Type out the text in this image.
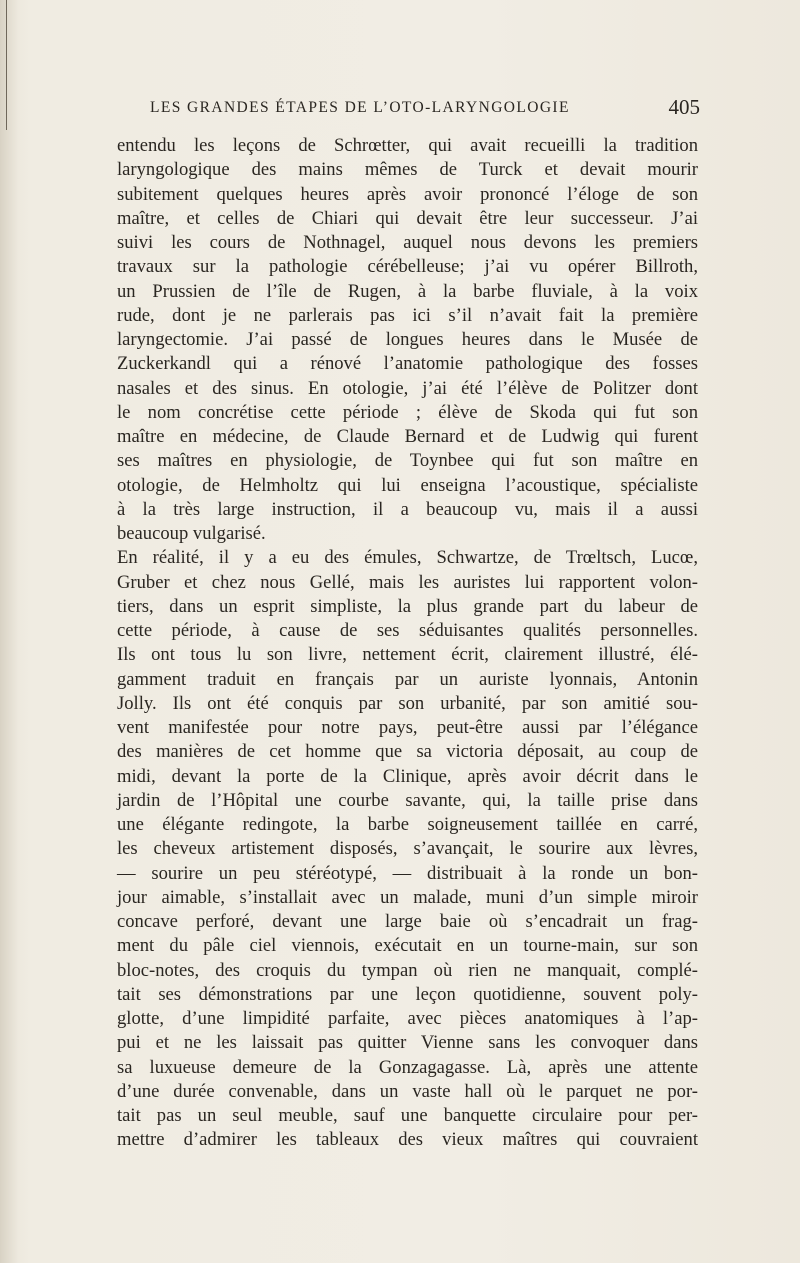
LES GRANDES ÉTAPES DE L’OTO-LARYNGOLOGIE	405
entendu les leçons de Schrœtter, qui avait recueilli la tradition
laryngologique des mains mêmes de Turck et devait mourir
subitement quelques heures après avoir prononcé l’éloge de son
maître, et celles de Chiari qui devait être leur successeur. J’ai
suivi les cours de Nothnagel, auquel nous devons les premiers
travaux sur la pathologie cérébelleuse; j’ai vu opérer Billroth,
un Prussien de l’île de Rugen, à la barbe fluviale, à la voix
rude, dont je ne parlerais pas ici s’il n’avait fait la première
laryngectomie. J’ai passé de longues heures dans le Musée de
Zuckerkandl qui a rénové l’anatomie pathologique des fosses
nasales et des sinus. En otologie, j’ai été l’élève de Politzer dont
le nom concrétise cette période ; élève de Skoda qui fut son
maître en médecine, de Claude Bernard et de Ludwig qui furent
ses maîtres en physiologie, de Toynbee qui fut son maître en
otologie, de Helmholtz qui lui enseigna l’acoustique, spécialiste
à la très large instruction, il a beaucoup vu, mais il a aussi
beaucoup vulgarisé.
En réalité, il y a eu des émules, Schwartze, de Trœltsch, Lucœ,
Gruber et chez nous Gellé, mais les auristes lui rapportent volon-
tiers, dans un esprit simpliste, la plus grande part du labeur de
cette période, à cause de ses séduisantes qualités personnelles.
Ils ont tous lu son livre, nettement écrit, clairement illustré, élé-
gamment traduit en français par un auriste lyonnais, Antonin
Jolly. Ils ont été conquis par son urbanité, par son amitié sou-
vent manifestée pour notre pays, peut-être aussi par l’élégance
des manières de cet homme que sa victoria déposait, au coup de
midi, devant la porte de la Clinique, après avoir décrit dans le
jardin de l’Hôpital une courbe savante, qui, la taille prise dans
une élégante redingote, la barbe soigneusement taillée en carré,
les cheveux artistement disposés, s’avançait, le sourire aux lèvres,
— sourire un peu stéréotypé, — distribuait à la ronde un bon-
jour aimable, s’installait avec un malade, muni d’un simple miroir
concave perforé, devant une large baie où s’encadrait un frag-
ment du pâle ciel viennois, exécutait en un tourne-main, sur son
bloc-notes, des croquis du tympan où rien ne manquait, complé-
tait ses démonstrations par une leçon quotidienne, souvent poly-
glotte, d’une limpidité parfaite, avec pièces anatomiques à l’ap-
pui et ne les laissait pas quitter Vienne sans les convoquer dans
sa luxueuse demeure de la Gonzagagasse. Là, après une attente
d’une durée convenable, dans un vaste hall où le parquet ne por-
tait pas un seul meuble, sauf une banquette circulaire pour per-
mettre d’admirer les tableaux des vieux maîtres qui couvraient
